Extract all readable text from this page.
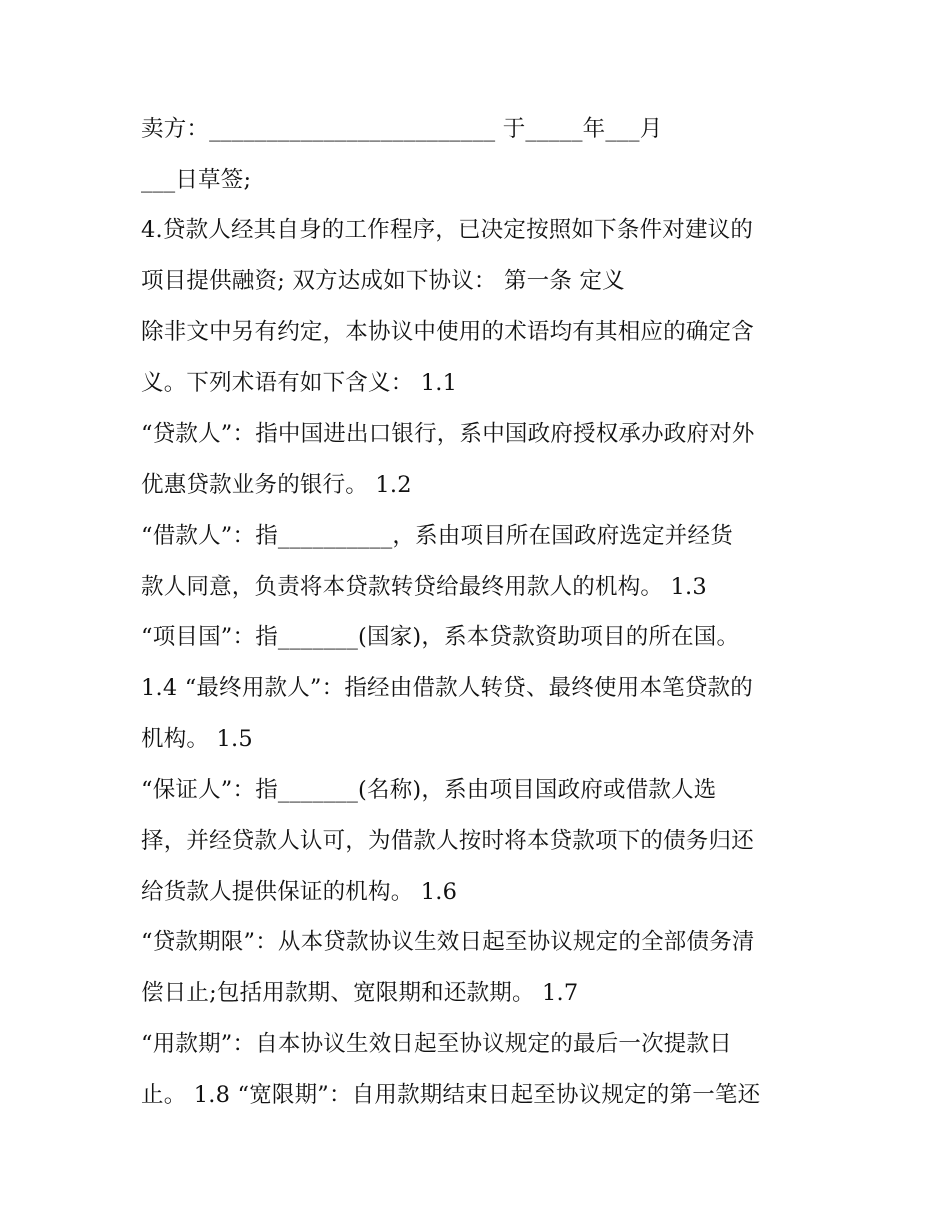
卖方：_________________________ 于_____年___月
___日草签;
4.贷款人经其自身的工作程序，已决定按照如下条件对建议的
项目提供融资; 双方达成如下协议： 第一条 定义
除非文中另有约定，本协议中使用的术语均有其相应的确定含
义。下列术语有如下含义： 1.1
“贷款人”：指中国进出口银行，系中国政府授权承办政府对外
优惠贷款业务的银行。 1.2
“借款人”：指__________，系由项目所在国政府选定并经货
款人同意，负责将本贷款转贷给最终用款人的机构。 1.3
“项目国”：指_______(国家)，系本贷款资助项目的所在国。
1.4 “最终用款人”：指经由借款人转贷、最终使用本笔贷款的
机构。 1.5
“保证人”：指_______(名称)，系由项目国政府或借款人选
择，并经贷款人认可，为借款人按时将本贷款项下的债务归还
给货款人提供保证的机构。 1.6
“贷款期限”：从本贷款协议生效日起至协议规定的全部债务清
偿日止;包括用款期、宽限期和还款期。 1.7
“用款期”：自本协议生效日起至协议规定的最后一次提款日
止。 1.8 “宽限期”：自用款期结束日起至协议规定的第一笔还
